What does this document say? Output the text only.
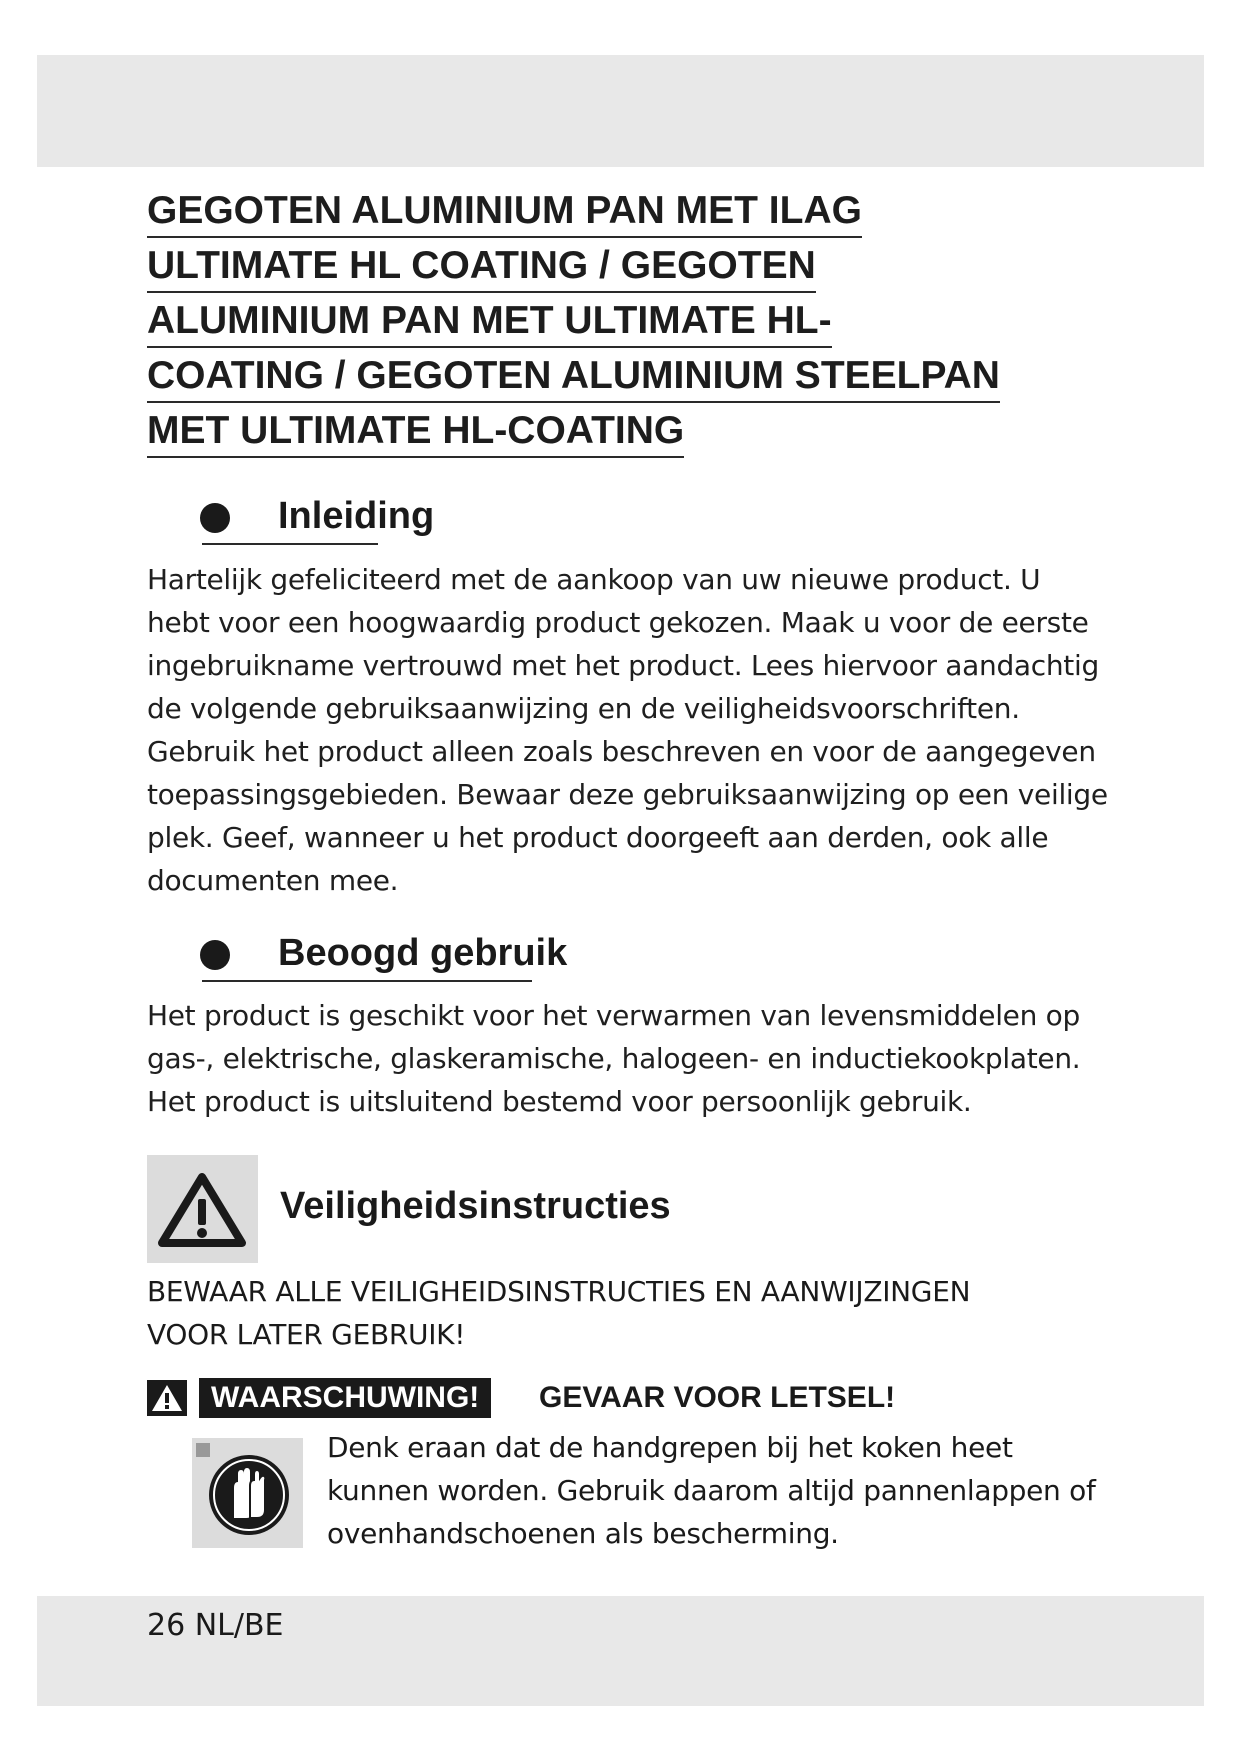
GEGOTEN ALUMINIUM PAN MET ILAG
ULTIMATE HL COATING / GEGOTEN
ALUMINIUM PAN MET ULTIMATE HL-
COATING / GEGOTEN ALUMINIUM STEELPAN
MET ULTIMATE HL-COATING
Inleiding

Hartelijk gefeliciteerd met de aankoop van uw nieuwe product. U
hebt voor een hoogwaardig product gekozen. Maak u voor de eerste
ingebruikname vertrouwd met het product. Lees hiervoor aandachtig
de volgende gebruiksaanwijzing en de veiligheidsvoorschriften.
Gebruik het product alleen zoals beschreven en voor de aangegeven
toepassingsgebieden. Bewaar deze gebruiksaanwijzing op een veilige
plek. Geef, wanneer u het product doorgeeft aan derden, ook alle
documenten mee.

Beoogd gebruik

Het product is geschikt voor het verwarmen van levensmiddelen op
gas-, elektrische, glaskeramische, halogeen- en inductiekookplaten.
Het product is uitsluitend bestemd voor persoonlijk gebruik.

Veiligheidsinstructies

BEWAAR ALLE VEILIGHEIDSINSTRUCTIES EN AANWIJZINGEN
VOOR LATER GEBRUIK!

WAARSCHUWING!	GEVAAR VOOR LETSEL!

Denk eraan dat de handgrepen bij het koken heet
kunnen worden. Gebruik daarom altijd pannenlappen of
ovenhandschoenen als bescherming.

26 NL/BE
